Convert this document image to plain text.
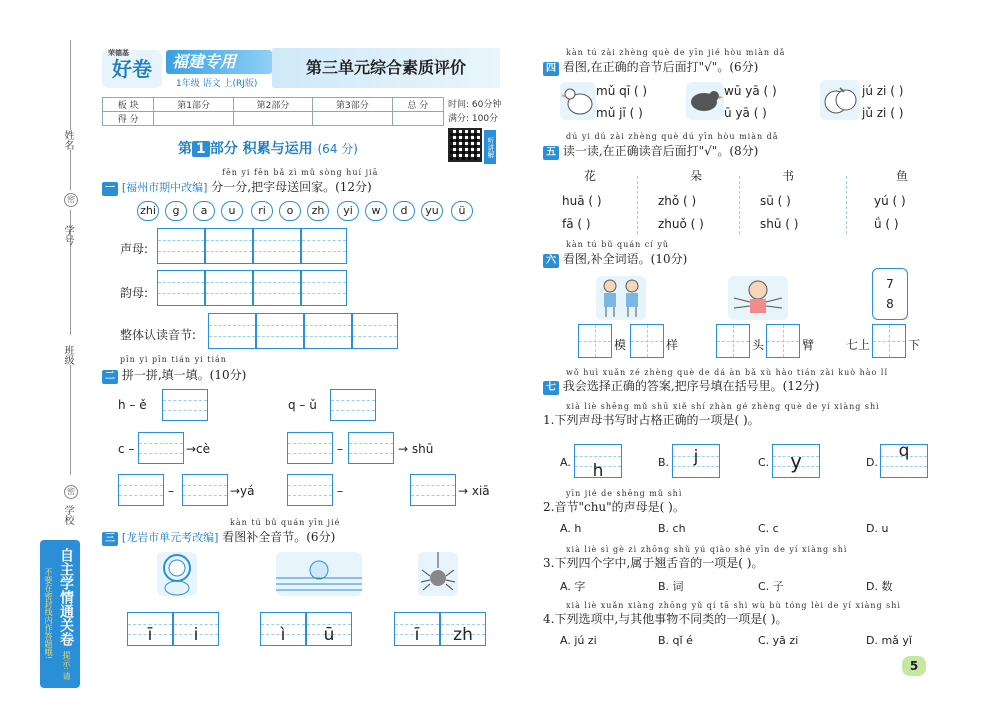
姓名
密
学号
班级
密
学校
自主学情通关卷 提示: 请不要在密封线内作答题哦!
荣德基
好卷	福建专用
1年级 语文 上(RJ版)
第三单元综合素质评价
板 块	第1部分	第2部分	第3部分	总 分
得 分				
时间: 60分钟
满分: 100分
听讲解
第 1 部分 积累与运用 (64 分)
fēn yi fēn bǎ zì mǔ sòng huí jiā
一 [福州市期中改编] 分一分,把字母送回家。(12分)
zhi	g	a	u	ri	o	zh	yi	w	d	yu	ü
声母:
韵母:
整体认读音节:
pīn yi pīn tián yi tián
二 拼一拼,填一填。(10分)
h – ě	q – ǔ
c –	→cè	–	→ shū
–	→yá	–	→ xiā
kàn tú bǔ quán yīn jié
三 [龙岩市单元考改编] 看图补全音节。(6分)
ī	i	ì	ū	ī	zh
kàn tú zài zhèng què de yīn jié hòu miàn dǎ
四 看图,在正确的音节后面打"√"。(6分)
mǔ qī ( )
mǔ jī ( )
wū yā ( )
ū yā ( )
jú zi ( )
jǔ zi ( )
dú yi dú zài zhèng què dú yīn hòu miàn dǎ
五 读一读,在正确读音后面打"√"。(8分)
花	朵	书	鱼
huā ( )	zhǒ ( )	sū ( )	yú ( )
fā ( )	zhuǒ ( )	shū ( )	ǘ ( )
kàn tú bǔ quán cí yǔ
六 看图,补全词语。(10分)
7
8
模	样	头	臂	七上	下
wǒ huì xuǎn zé zhèng què de dá àn bǎ xù hào tián zài kuò hào lǐ
七 我会选择正确的答案,把序号填在括号里。(12分)
xià liè shēng mǔ shū xiě shí zhàn gé zhèng què de yí xiàng shì
1.下列声母书写时占格正确的一项是( )。
A.	h	B.	j	C.	y	D.
q
yīn jié de shēng mǔ shì
2.音节"chu"的声母是( )。
A. h	B. ch	C. c	D. u
xià liè sì gè zì zhōng shǔ yú qiào shé yīn de yí xiàng shì
3.下列四个字中,属于翘舌音的一项是( )。
A. 字	B. 词	C. 子	D. 数
xià liè xuǎn xiàng zhōng yǔ qí tā shì wù bù tóng lèi de yí xiàng shì
4.下列选项中,与其他事物不同类的一项是( )。
A. jú zi	B. qǐ é	C. yā zi	D. mǎ yǐ
5
